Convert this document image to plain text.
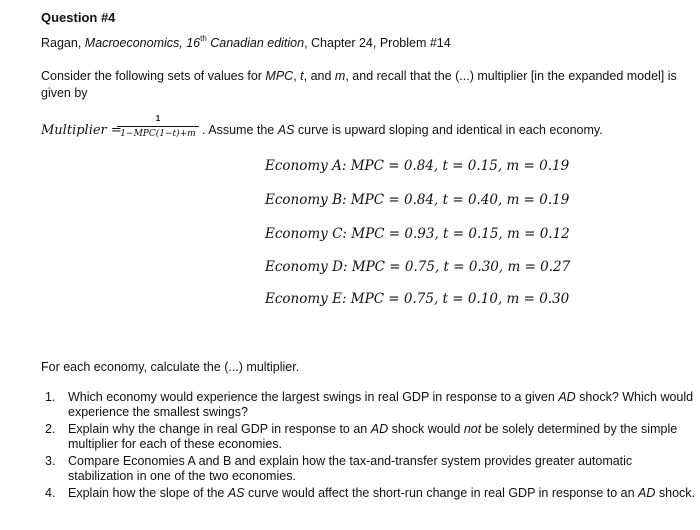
Question #4
Ragan, Macroeconomics, 16th Canadian edition, Chapter 24, Problem #14
Consider the following sets of values for MPC, t, and m, and recall that the (...) multiplier [in the expanded model] is given by
Multiplier =
1
1−MPC(1−t)+m . Assume the AS curve is upward sloping and identical in each economy.
Economy A: MPC = 0.84, t = 0.15, m = 0.19
Economy B: MPC = 0.84, t = 0.40, m = 0.19
Economy C: MPC = 0.93, t = 0.15, m = 0.12
Economy D: MPC = 0.75, t = 0.30, m = 0.27
Economy E: MPC = 0.75, t = 0.10, m = 0.30
For each economy, calculate the (...) multiplier.
1. Which economy would experience the largest swings in real GDP in response to a given AD shock? Which would experience the smallest swings?
2. Explain why the change in real GDP in response to an AD shock would not be solely determined by the simple multiplier for each of these economies.
3. Compare Economies A and B and explain how the tax-and-transfer system provides greater automatic stabilization in one of the two economies.
4. Explain how the slope of the AS curve would affect the short-run change in real GDP in response to an AD shock.
